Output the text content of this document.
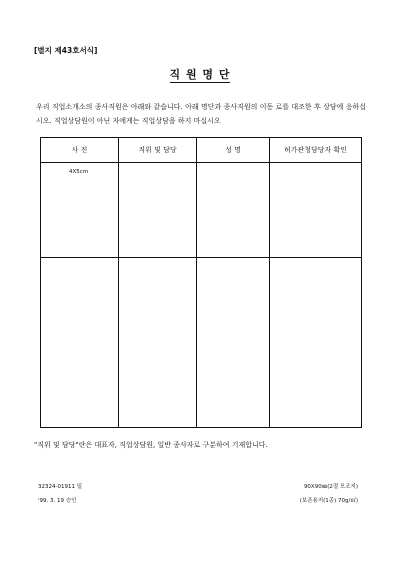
[별지 제43호서식]
직 원 명 단
우리 직업소개소의 종사직원은 아래와 같습니다. 아래 명단과 종사직원의 이동 로를 대조한 후 상담에 응하십시오. 직업상담원이 아닌 자에게는 직업상담을 하지 마십시오
사 진	직위 및 담당	성 명	허가관청담당자 확인

4X5cm			

"직위 및 담당"란은 대표자, 직업상담원, 일반 종사자로 구분하여 기재합니다.
32324-01911 일
'99. 3. 19 승인
90X90㎜(2절 모조지)
(보존용지(1종) 70g/㎡)
